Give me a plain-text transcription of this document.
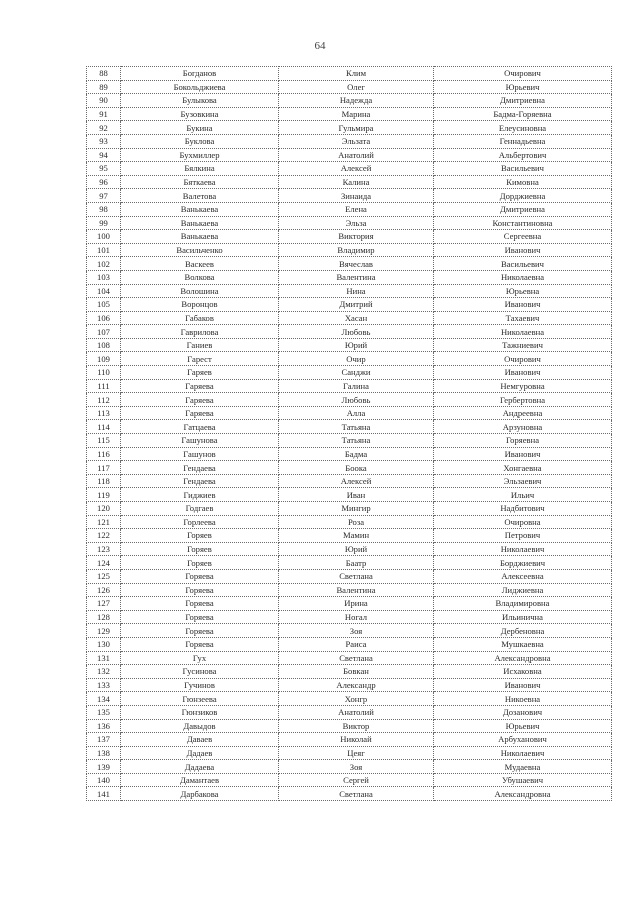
64
88	Богданов	Клим	Очирович
89	Бокольджиева	Олег	Юрьевич
90	Булыкова	Надежда	Дмитриевна
91	Бузовкина	Марина	Бадма-Горяевна
92	Букина	Гульмира	Елеусиновна
93	Буклова	Эльзата	Геннадьевна
94	Бухмиллер	Анатолий	Альбертович
95	Бялкина	Алексей	Васильевич
96	Бяткаева	Калина	Кимовна
97	Валетова	Зинаида	Дорджиевна
98	Ванькаева	Елена	Дмитриевна
99	Ванькаева	Эльза	Константиновна
100	Ванькаева	Виктория	Сергеевна
101	Васильченко	Владимир	Иванович
102	Васкеев	Вячеслав	Васильевич
103	Волкова	Валентина	Николаевна
104	Волошина	Нина	Юрьевна
105	Воронцов	Дмитрий	Иванович
106	Габаков	Хасан	Тахаевич
107	Гаврилова	Любовь	Николаевна
108	Ганиев	Юрий	Тажниевич
109	Гарест	Очир	Очирович
110	Гаряев	Санджи	Иванович
111	Гаряева	Галина	Немгуровна
112	Гаряева	Любовь	Гербертовна
113	Гаряева	Алла	Андреевна
114	Гатцаева	Татьяна	Арзуновна
115	Гашунова	Татьяна	Горяевна
116	Гашунов	Бадма	Иванович
117	Гендаева	Боока	Хонгаевна
118	Гендаева	Алексей	Эльзаевич
119	Гиджиев	Иван	Ильич
120	Годгаев	Мингир	Надбитович
121	Горлеева	Роза	Очировна
122	Горяев	Мамин	Петрович
123	Горяев	Юрий	Николаевич
124	Горяев	Баатр	Борджиевич
125	Горяева	Светлана	Алексеевна
126	Горяева	Валентина	Лиджиевна
127	Горяева	Ирина	Владимировна
128	Горяева	Ногал	Ильинична
129	Горяева	Зоя	Дербеновна
130	Горяева	Раиса	Мушкаевна
131	Гух	Светлана	Александровна
132	Гусинова	Бовкан	Исхаковна
133	Гучинов	Александр	Иванович
134	Гюнзеева	Хонгр	Никоевна
135	Гюнзиков	Анатолий	Дозанович
136	Давыдов	Виктор	Юрьевич
137	Даваев	Николай	Арбуханович
138	Дадаев	Цеяг	Николаевич
139	Дадаева	Зоя	Мудаевна
140	Дамантаев	Сергей	Убушаевич
141	Дарбакова	Светлана	Александровна
